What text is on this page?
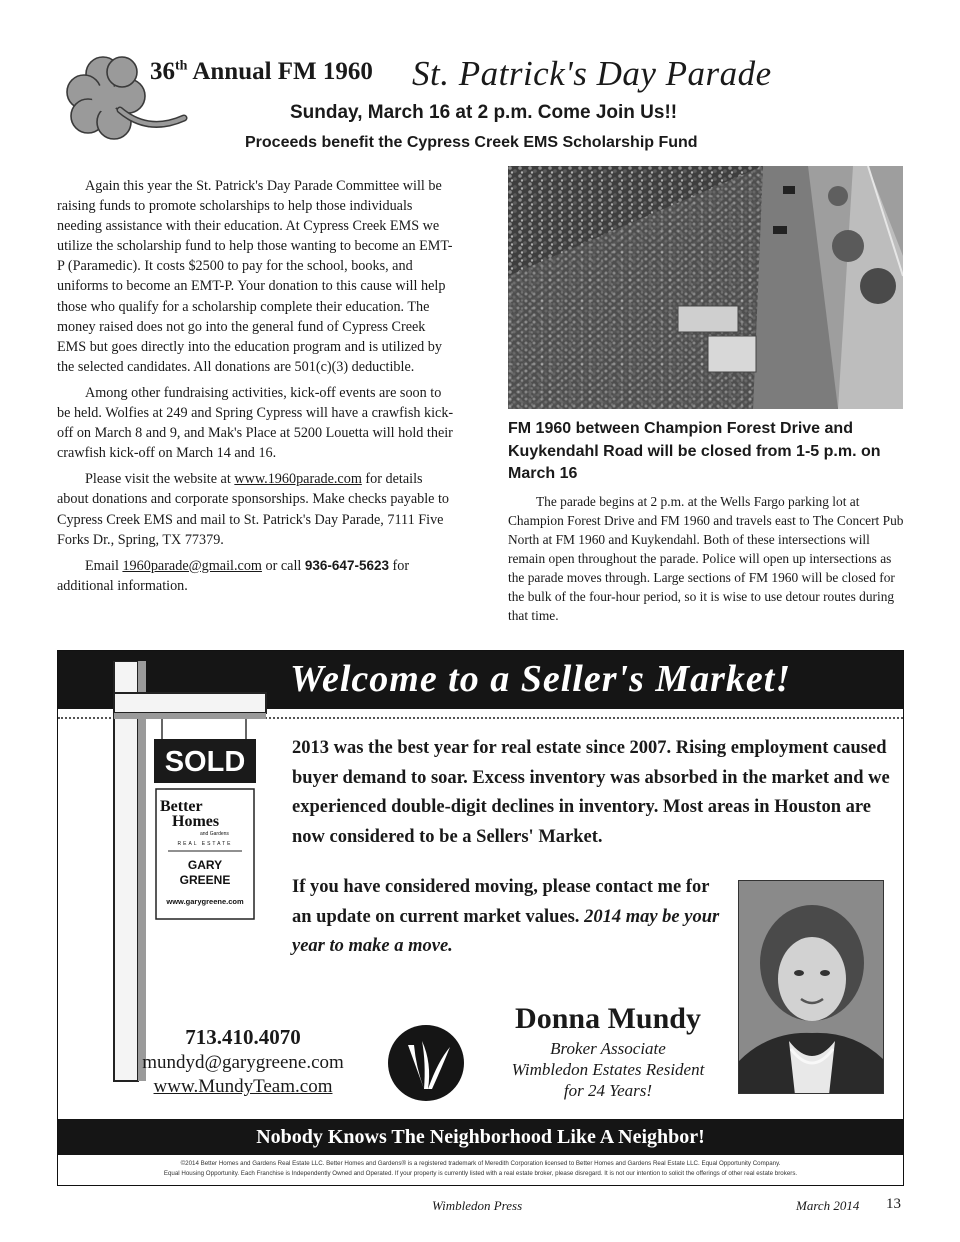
36th Annual FM 1960 St. Patrick's Day Parade
Sunday, March 16 at 2 p.m. Come Join Us!!
Proceeds benefit the Cypress Creek EMS Scholarship Fund

Again this year the St. Patrick's Day Parade Committee will be raising funds to promote scholarships to help those individuals needing assistance with their education. At Cypress Creek EMS we utilize the scholarship fund to help those wanting to become an EMT-P (Paramedic). It costs $2500 to pay for the school, books, and uniforms to become an EMT-P. Your donation to this cause will help those who qualify for a scholarship complete their education. The money raised does not go into the general fund of Cypress Creek EMS but goes directly into the education program and is utilized by the selected candidates. All donations are 501(c)(3) deductible.

Among other fundraising activities, kick-off events are soon to be held. Wolfies at 249 and Spring Cypress will have a crawfish kick-off on March 8 and 9, and Mak's Place at 5200 Louetta will hold their crawfish kick-off on March 14 and 16.

Please visit the website at www.1960parade.com for details about donations and corporate sponsorships. Make checks payable to Cypress Creek EMS and mail to St. Patrick's Day Parade, 7111 Five Forks Dr., Spring, TX 77379.

Email 1960parade@gmail.com or call 936-647-5623 for additional information.

FM 1960 between Champion Forest Drive and Kuykendahl Road will be closed from 1-5 p.m. on March 16
The parade begins at 2 p.m. at the Wells Fargo parking lot at Champion Forest Drive and FM 1960 and travels east to The Concert Pub North at FM 1960 and Kuykendahl. Both of these intersections will remain open throughout the parade. Police will open up intersections as the parade moves through. Large sections of FM 1960 will be closed for the bulk of the four-hour period, so it is wise to use detour routes during that time.
Welcome to a Seller's Market!
SOLD
Better
Homes
and Gardens
REAL ESTATE
GARY
GREENE
www.garygreene.com
2013 was the best year for real estate since 2007. Rising employment caused buyer demand to soar. Excess inventory was absorbed in the market and we experienced double-digit declines in inventory. Most areas in Houston are now considered to be a Sellers' Market.
If you have considered moving, please contact me for an update on current market values. 2014 may be your year to make a move.
713.410.4070
mundyd@garygreene.com
www.MundyTeam.com
Donna Mundy
Broker Associate
Wimbledon Estates Resident
for 24 Years!
Nobody Knows The Neighborhood Like A Neighbor!
©2014 Better Homes and Gardens Real Estate LLC. Better Homes and Gardens® is a registered trademark of Meredith Corporation licensed to Better Homes and Gardens Real Estate LLC. Equal Opportunity Company.
Equal Housing Opportunity. Each Franchise is Independently Owned and Operated. If your property is currently listed with a real estate broker, please disregard. It is not our intention to solicit the offerings of other real estate brokers.
Wimbledon Press	March 2014 13
